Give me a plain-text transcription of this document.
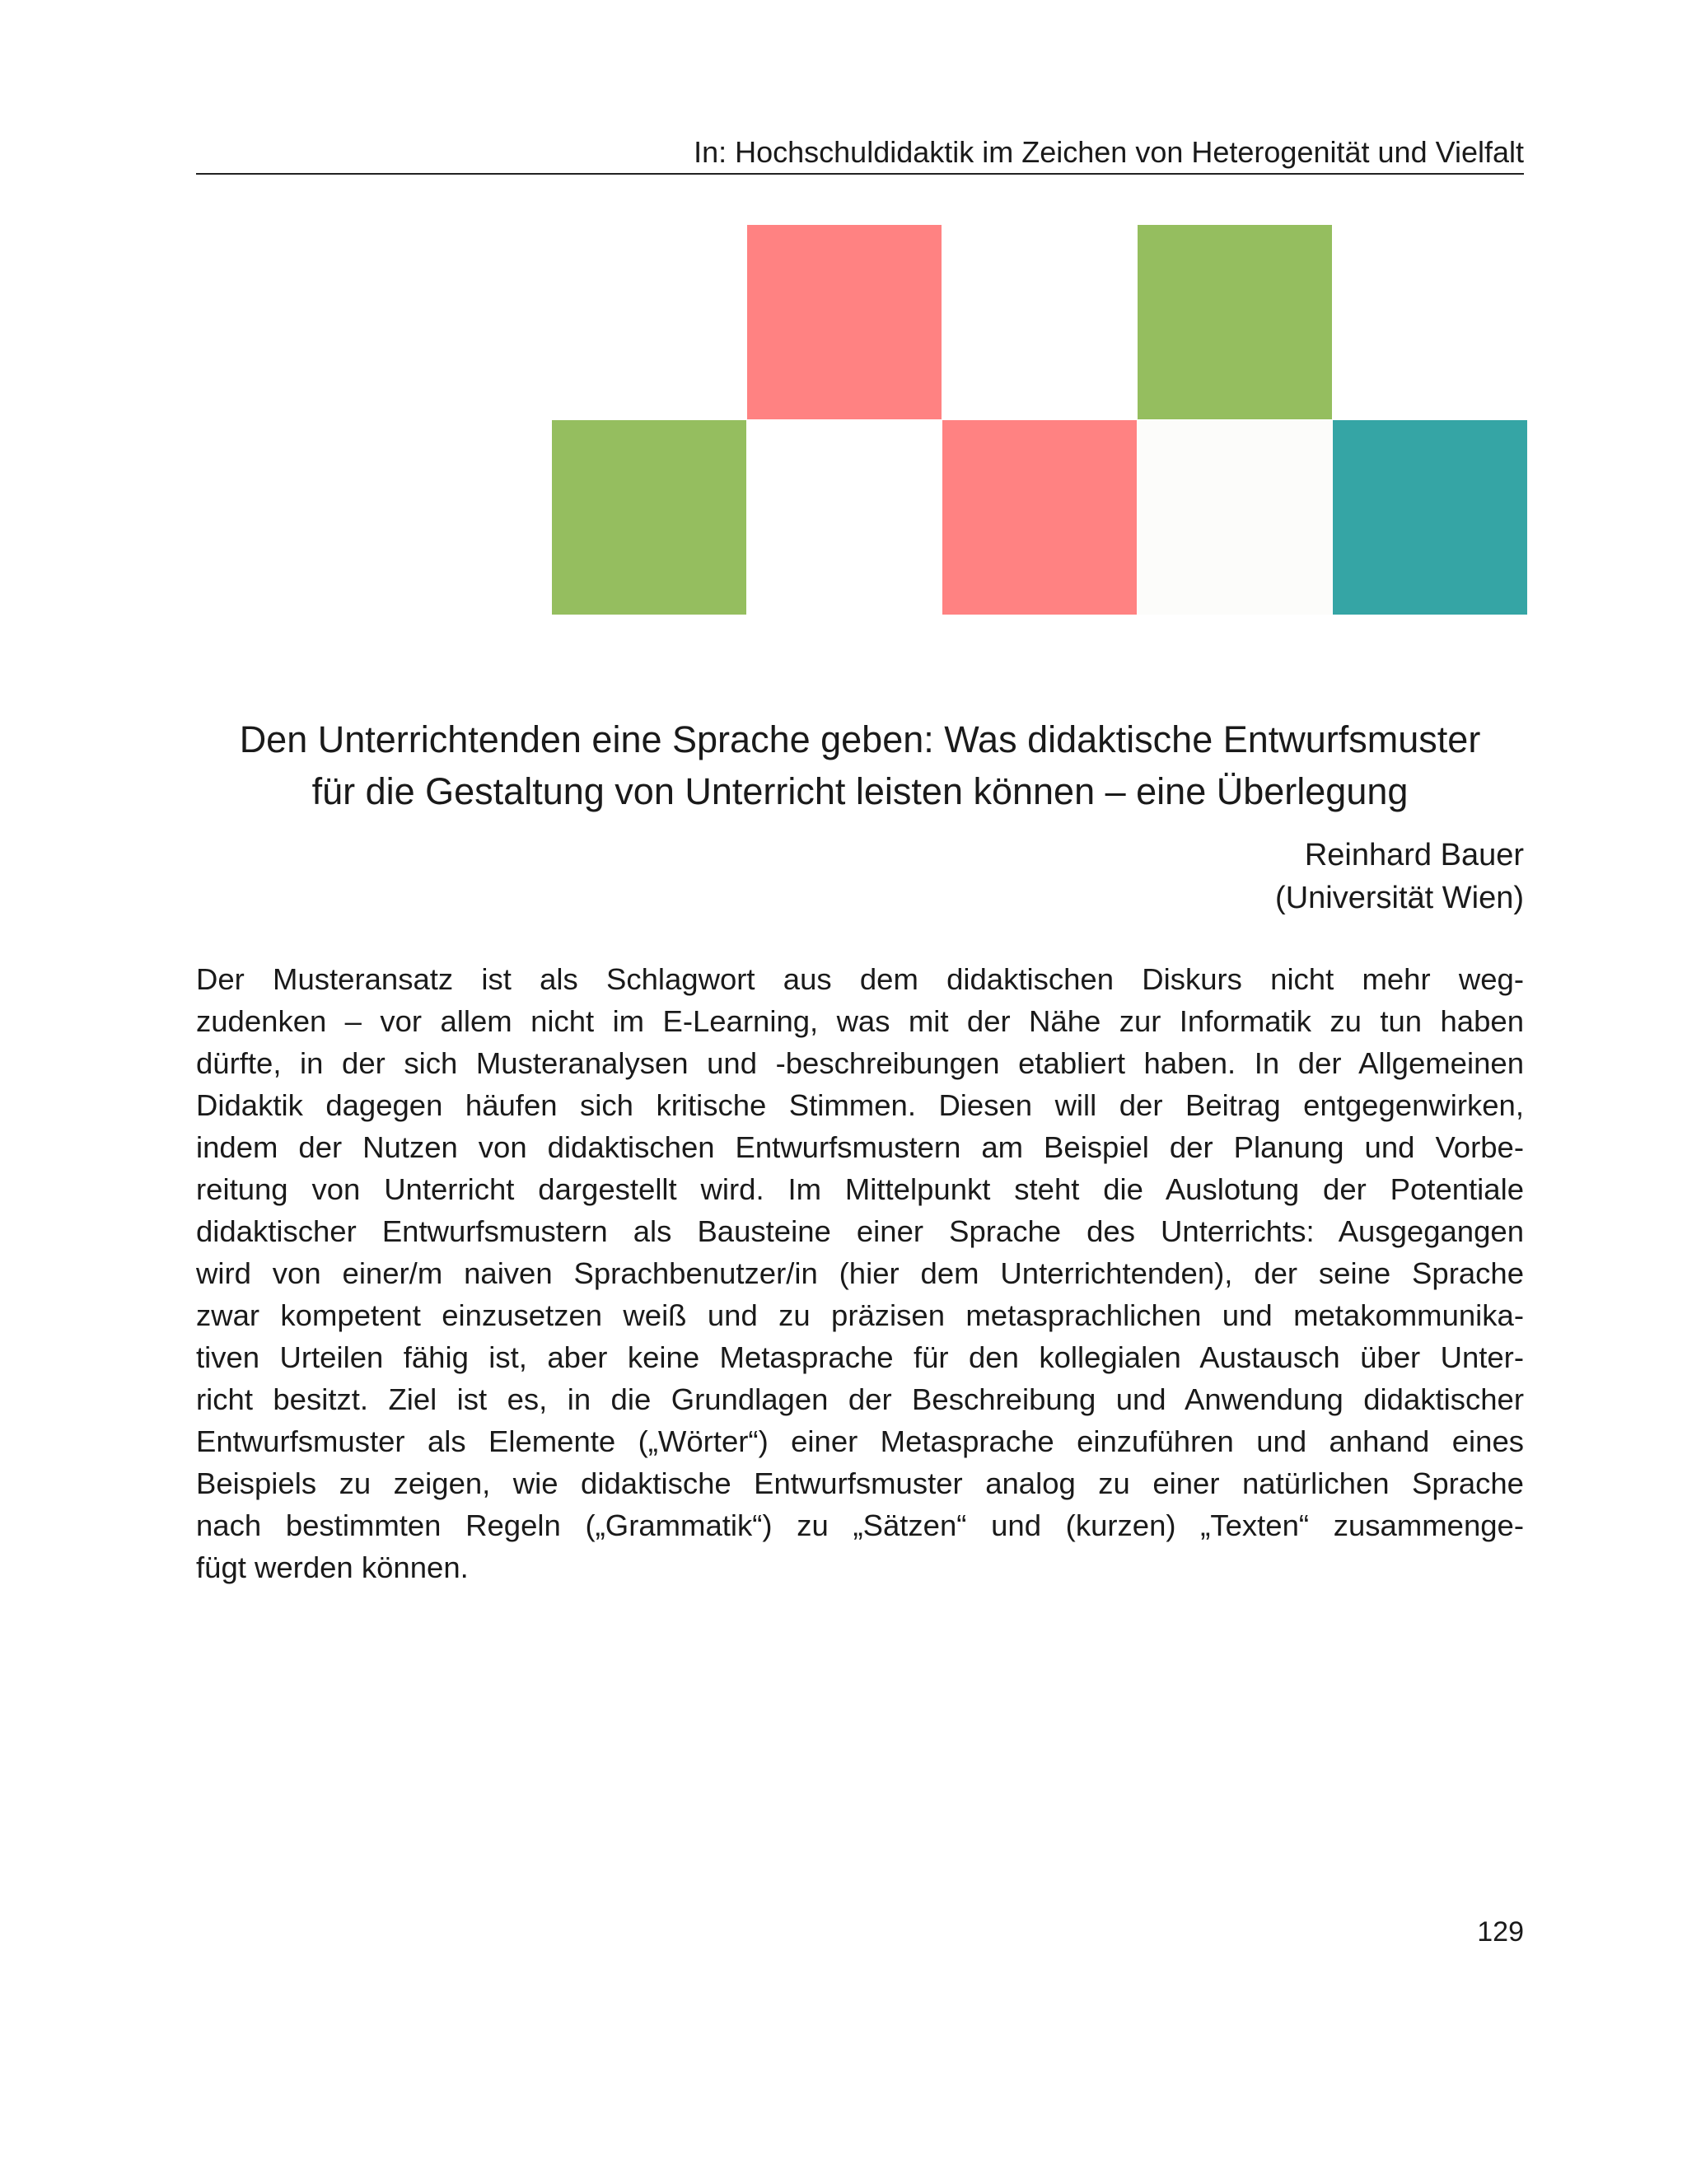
In: Hochschuldidaktik im Zeichen von Heterogenität und Vielfalt
Den Unterrichtenden eine Sprache geben: Was didaktische Entwurfsmuster
für die Gestaltung von Unterricht leisten können – eine Überlegung
Reinhard Bauer
(Universität Wien)
Der Musteransatz ist als Schlagwort aus dem didaktischen Diskurs nicht mehr weg-
zudenken – vor allem nicht im E-Learning, was mit der Nähe zur Informatik zu tun haben
dürfte, in der sich Musteranalysen und -beschreibungen etabliert haben. In der Allgemeinen
Didaktik dagegen häufen sich kritische Stimmen. Diesen will der Beitrag entgegenwirken,
indem der Nutzen von didaktischen Entwurfsmustern am Beispiel der Planung und Vorbe-
reitung von Unterricht dargestellt wird. Im Mittelpunkt steht die Auslotung der Potentiale
didaktischer Entwurfsmustern als Bausteine einer Sprache des Unterrichts: Ausgegangen
wird von einer/m naiven Sprachbenutzer/in (hier dem Unterrichtenden), der seine Sprache
zwar kompetent einzusetzen weiß und zu präzisen metasprachlichen und metakommunika-
tiven Urteilen fähig ist, aber keine Metasprache für den kollegialen Austausch über Unter-
richt besitzt. Ziel ist es, in die Grundlagen der Beschreibung und Anwendung didaktischer
Entwurfsmuster als Elemente („Wörter“) einer Metasprache einzuführen und anhand eines
Beispiels zu zeigen, wie didaktische Entwurfsmuster analog zu einer natürlichen Sprache
nach bestimmten Regeln („Grammatik“) zu „Sätzen“ und (kurzen) „Texten“ zusammenge-
fügt werden können.
129
